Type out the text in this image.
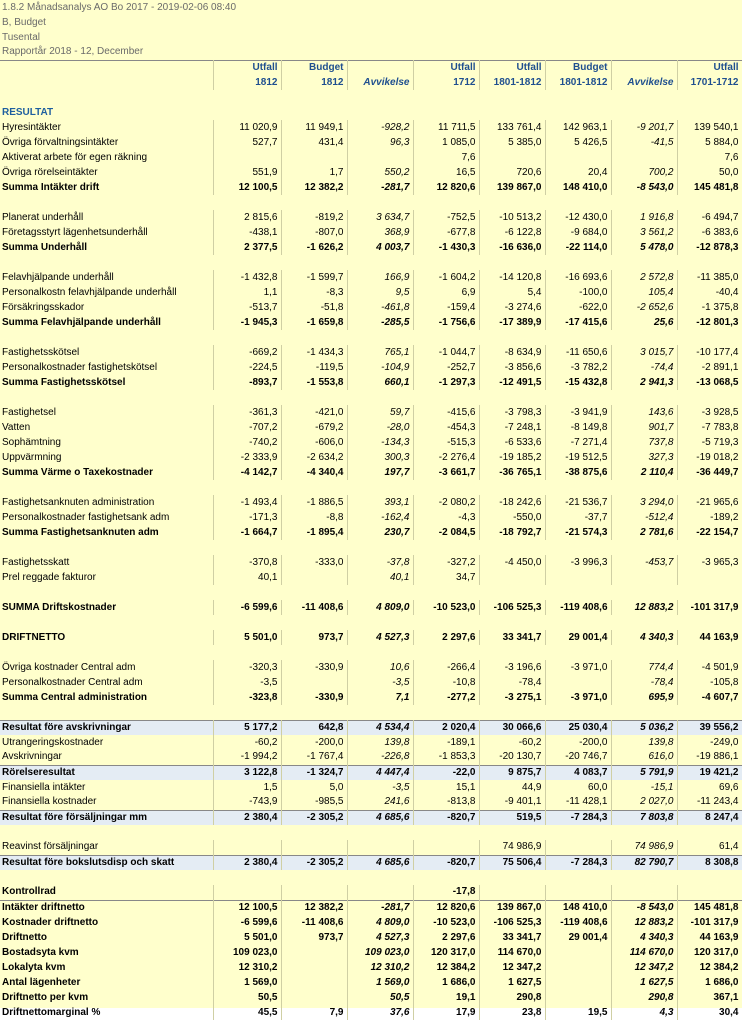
1.8.2 Månadsanalys AO Bo 2017 - 2019-02-06 08:40								
B, Budget								
Tusental								
Rapportår 2018 - 12, December								
	Utfall	Budget		Utfall	Utfall	Budget		Utfall
	1812	1812	Avvikelse	1712	1801-1812	1801-1812	Avvikelse	1701-1712

RESULTAT								
Hyresintäkter	11 020,9	11 949,1	-928,2	11 711,5	133 761,4	142 963,1	-9 201,7	139 540,1
Övriga förvaltningsintäkter	527,7	431,4	96,3	1 085,0	5 385,0	5 426,5	-41,5	5 884,0
Aktiverat arbete för egen räkning				7,6				7,6
Övriga rörelseintäkter	551,9	1,7	550,2	16,5	720,6	20,4	700,2	50,0
Summa Intäkter drift	12 100,5	12 382,2	-281,7	12 820,6	139 867,0	148 410,0	-8 543,0	145 481,8

Planerat underhåll	2 815,6	-819,2	3 634,7	-752,5	-10 513,2	-12 430,0	1 916,8	-6 494,7
Företagsstyrt lägenhetsunderhåll	-438,1	-807,0	368,9	-677,8	-6 122,8	-9 684,0	3 561,2	-6 383,6
Summa Underhåll	2 377,5	-1 626,2	4 003,7	-1 430,3	-16 636,0	-22 114,0	5 478,0	-12 878,3

Felavhjälpande underhåll	-1 432,8	-1 599,7	166,9	-1 604,2	-14 120,8	-16 693,6	2 572,8	-11 385,0
Personalkostn felavhjälpande underhåll	1,1	-8,3	9,5	6,9	5,4	-100,0	105,4	-40,4
Försäkringsskador	-513,7	-51,8	-461,8	-159,4	-3 274,6	-622,0	-2 652,6	-1 375,8
Summa Felavhjälpande underhåll	-1 945,3	-1 659,8	-285,5	-1 756,6	-17 389,9	-17 415,6	25,6	-12 801,3

Fastighetsskötsel	-669,2	-1 434,3	765,1	-1 044,7	-8 634,9	-11 650,6	3 015,7	-10 177,4
Personalkostnader fastighetskötsel	-224,5	-119,5	-104,9	-252,7	-3 856,6	-3 782,2	-74,4	-2 891,1
Summa Fastighetsskötsel	-893,7	-1 553,8	660,1	-1 297,3	-12 491,5	-15 432,8	2 941,3	-13 068,5

Fastighetsel	-361,3	-421,0	59,7	-415,6	-3 798,3	-3 941,9	143,6	-3 928,5
Vatten	-707,2	-679,2	-28,0	-454,3	-7 248,1	-8 149,8	901,7	-7 783,8
Sophämtning	-740,2	-606,0	-134,3	-515,3	-6 533,6	-7 271,4	737,8	-5 719,3
Uppvärmning	-2 333,9	-2 634,2	300,3	-2 276,4	-19 185,2	-19 512,5	327,3	-19 018,2
Summa Värme o Taxekostnader	-4 142,7	-4 340,4	197,7	-3 661,7	-36 765,1	-38 875,6	2 110,4	-36 449,7

Fastighetsanknuten administration	-1 493,4	-1 886,5	393,1	-2 080,2	-18 242,6	-21 536,7	3 294,0	-21 965,6
Personalkostnader fastighetsank adm	-171,3	-8,8	-162,4	-4,3	-550,0	-37,7	-512,4	-189,2
Summa Fastighetsanknuten adm	-1 664,7	-1 895,4	230,7	-2 084,5	-18 792,7	-21 574,3	2 781,6	-22 154,7

Fastighetsskatt	-370,8	-333,0	-37,8	-327,2	-4 450,0	-3 996,3	-453,7	-3 965,3
Prel reggade fakturor	40,1		40,1	34,7				

SUMMA Driftskostnader	-6 599,6	-11 408,6	4 809,0	-10 523,0	-106 525,3	-119 408,6	12 883,2	-101 317,9

DRIFTNETTO	5 501,0	973,7	4 527,3	2 297,6	33 341,7	29 001,4	4 340,3	44 163,9

Övriga kostnader Central adm	-320,3	-330,9	10,6	-266,4	-3 196,6	-3 971,0	774,4	-4 501,9
Personalkostnader Central adm	-3,5		-3,5	-10,8	-78,4		-78,4	-105,8
Summa Central administration	-323,8	-330,9	7,1	-277,2	-3 275,1	-3 971,0	695,9	-4 607,7

Resultat före avskrivningar	5 177,2	642,8	4 534,4	2 020,4	30 066,6	25 030,4	5 036,2	39 556,2
Utrangeringskostnader	-60,2	-200,0	139,8	-189,1	-60,2	-200,0	139,8	-249,0
Avskrivningar	-1 994,2	-1 767,4	-226,8	-1 853,3	-20 130,7	-20 746,7	616,0	-19 886,1
Rörelseresultat	3 122,8	-1 324,7	4 447,4	-22,0	9 875,7	4 083,7	5 791,9	19 421,2
Finansiella intäkter	1,5	5,0	-3,5	15,1	44,9	60,0	-15,1	69,6
Finansiella kostnader	-743,9	-985,5	241,6	-813,8	-9 401,1	-11 428,1	2 027,0	-11 243,4
Resultat före försäljningar mm	2 380,4	-2 305,2	4 685,6	-820,7	519,5	-7 284,3	7 803,8	8 247,4

Reavinst försäljningar					74 986,9		74 986,9	61,4
Resultat före bokslutsdisp och skatt	2 380,4	-2 305,2	4 685,6	-820,7	75 506,4	-7 284,3	82 790,7	8 308,8

Kontrollrad				-17,8				
Intäkter driftnetto	12 100,5	12 382,2	-281,7	12 820,6	139 867,0	148 410,0	-8 543,0	145 481,8
Kostnader driftnetto	-6 599,6	-11 408,6	4 809,0	-10 523,0	-106 525,3	-119 408,6	12 883,2	-101 317,9
Driftnetto	5 501,0	973,7	4 527,3	2 297,6	33 341,7	29 001,4	4 340,3	44 163,9
Bostadsyta kvm	109 023,0		109 023,0	120 317,0	114 670,0		114 670,0	120 317,0
Lokalyta kvm	12 310,2		12 310,2	12 384,2	12 347,2		12 347,2	12 384,2
Antal lägenheter	1 569,0		1 569,0	1 686,0	1 627,5		1 627,5	1 686,0
Driftnetto per kvm	50,5		50,5	19,1	290,8		290,8	367,1
Driftnettomarginal %	45,5	7,9	37,6	17,9	23,8	19,5	4,3	30,4
